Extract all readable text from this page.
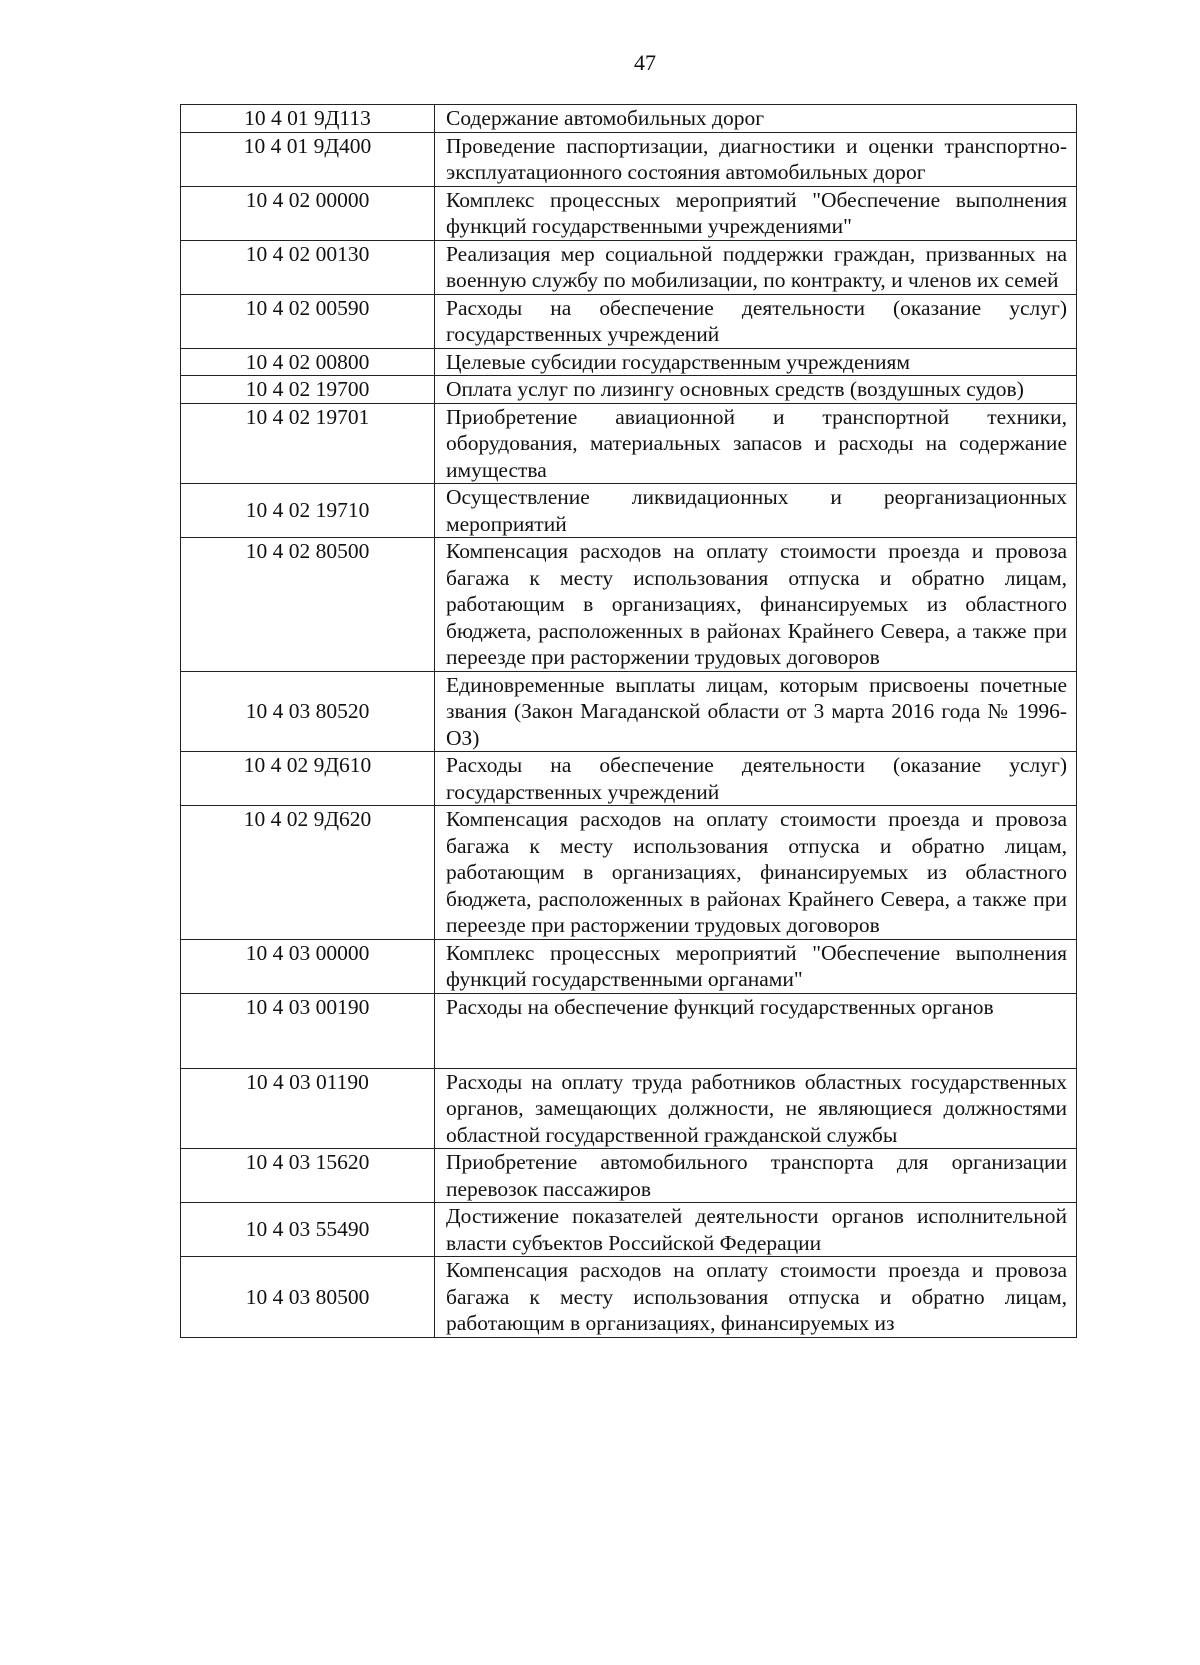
47
10 4 01 9Д113	Содержание автомобильных дорог
10 4 01 9Д400	Проведение паспортизации, диагностики и оценки транспортно-эксплуатационного состояния автомобильных дорог
10 4 02 00000	Комплекс процессных мероприятий "Обеспечение выполнения функций государственными учреждениями"
10 4 02 00130	Реализация мер социальной поддержки граждан, призванных на военную службу по мобилизации, по контракту, и членов их семей
10 4 02 00590	Расходы на обеспечение деятельности (оказание услуг) государственных учреждений
10 4 02 00800	Целевые субсидии государственным учреждениям
10 4 02 19700	Оплата услуг по лизингу основных средств (воздушных судов)
10 4 02 19701	Приобретение авиационной и транспортной техники, оборудования, материальных запасов и расходы на содержание имущества
10 4 02 19710	Осуществление ликвидационных и реорганизационных мероприятий
10 4 02 80500	Компенсация расходов на оплату стоимости проезда и провоза багажа к месту использования отпуска и обратно лицам, работающим в организациях, финансируемых из областного бюджета, расположенных в районах Крайнего Севера, а также при переезде при расторжении трудовых договоров
10 4 03 80520	Единовременные выплаты лицам, которым присвоены почетные звания (Закон Магаданской области от 3 марта 2016 года № 1996-ОЗ)
10 4 02 9Д610	Расходы на обеспечение деятельности (оказание услуг) государственных учреждений
10 4 02 9Д620	Компенсация расходов на оплату стоимости проезда и провоза багажа к месту использования отпуска и обратно лицам, работающим в организациях, финансируемых из областного бюджета, расположенных в районах Крайнего Севера, а также при переезде при расторжении трудовых договоров
10 4 03 00000	Комплекс процессных мероприятий "Обеспечение выполнения функций государственными органами"
10 4 03 00190	Расходы на обеспечение функций государственных органов
10 4 03 01190	Расходы на оплату труда работников областных государственных органов, замещающих должности, не являющиеся должностями областной государственной гражданской службы
10 4 03 15620	Приобретение автомобильного транспорта для организации перевозок пассажиров
10 4 03 55490	Достижение показателей деятельности органов исполнительной власти субъектов Российской Федерации
10 4 03 80500	Компенсация расходов на оплату стоимости проезда и провоза багажа к месту использования отпуска и обратно лицам, работающим в организациях, финансируемых из
